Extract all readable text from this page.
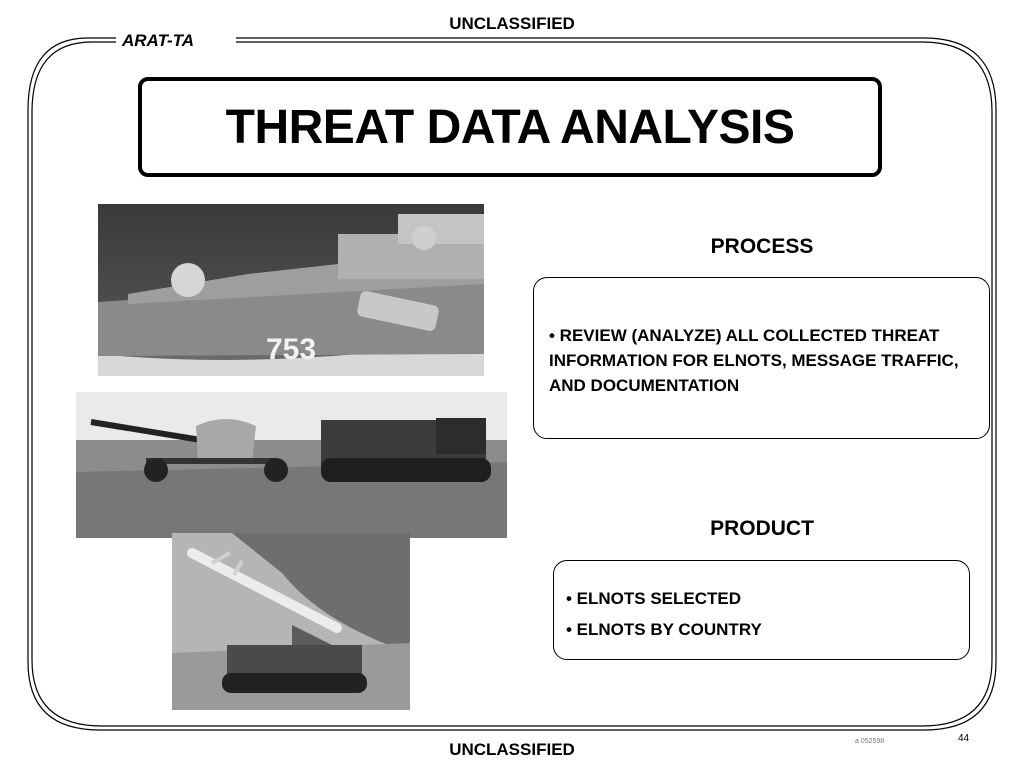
UNCLASSIFIED
ARAT-TA
THREAT DATA ANALYSIS
753
PROCESS
• REVIEW (ANALYZE) ALL COLLECTED THREAT INFORMATION FOR ELNOTS, MESSAGE TRAFFIC, AND DOCUMENTATION
PRODUCT
• ELNOTS SELECTED
• ELNOTS BY COUNTRY
UNCLASSIFIED	a 052598	44
